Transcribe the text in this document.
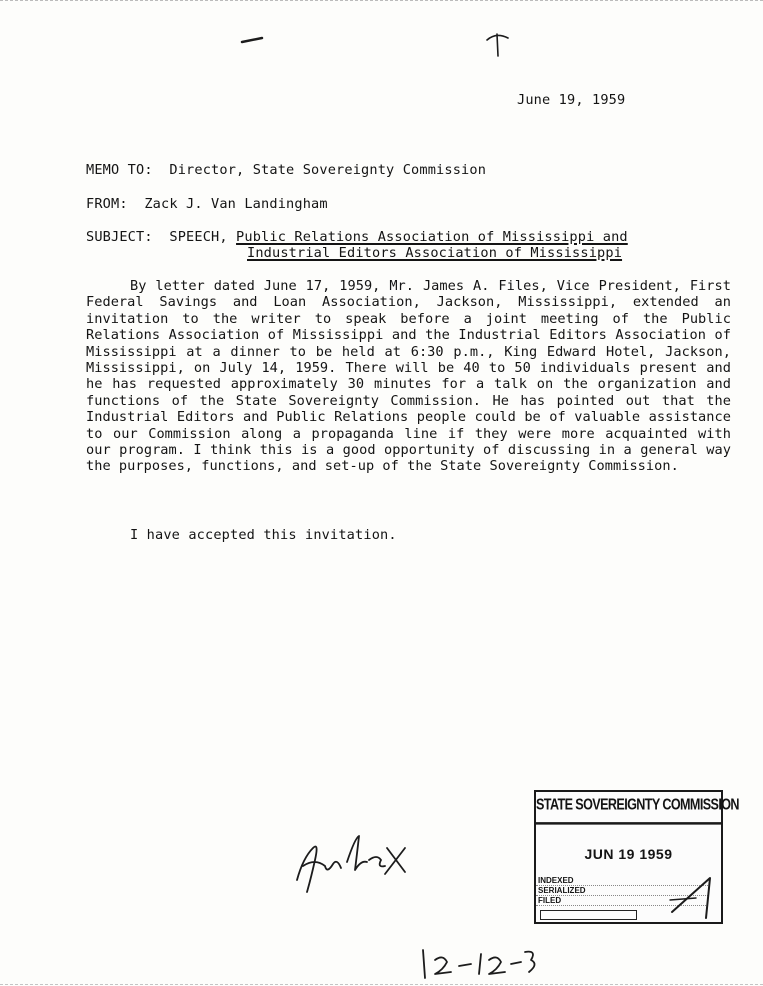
June 19, 1959
MEMO TO: Director, State Sovereignty Commission
FROM: Zack J. Van Landingham
SUBJECT: SPEECH, Public Relations Association of Mississippi and
Industrial Editors Association of Mississippi

By letter dated June 17, 1959, Mr. James A. Files, Vice President, First Federal Savings and Loan Association, Jackson, Mississippi, extended an invitation to the writer to speak before a joint meeting of the Public Relations Association of Mississippi and the Industrial Editors Association of Mississippi at a dinner to be held at 6:30 p.m., King Edward Hotel, Jackson, Mississippi, on July 14, 1959. There will be 40 to 50 individuals present and he has requested approximately 30 minutes for a talk on the organization and functions of the State Sovereignty Commission. He has pointed out that the Industrial Editors and Public Relations people could be of valuable assistance to our Commission along a propaganda line if they were more acquainted with our program. I think this is a good opportunity of discussing in a general way the purposes, functions, and set-up of the State Sovereignty Commission.

I have accepted this invitation.
STATE SOVEREIGNTY COMMISSION
JUN 19 1959
INDEXED
SERIALIZED
FILED
